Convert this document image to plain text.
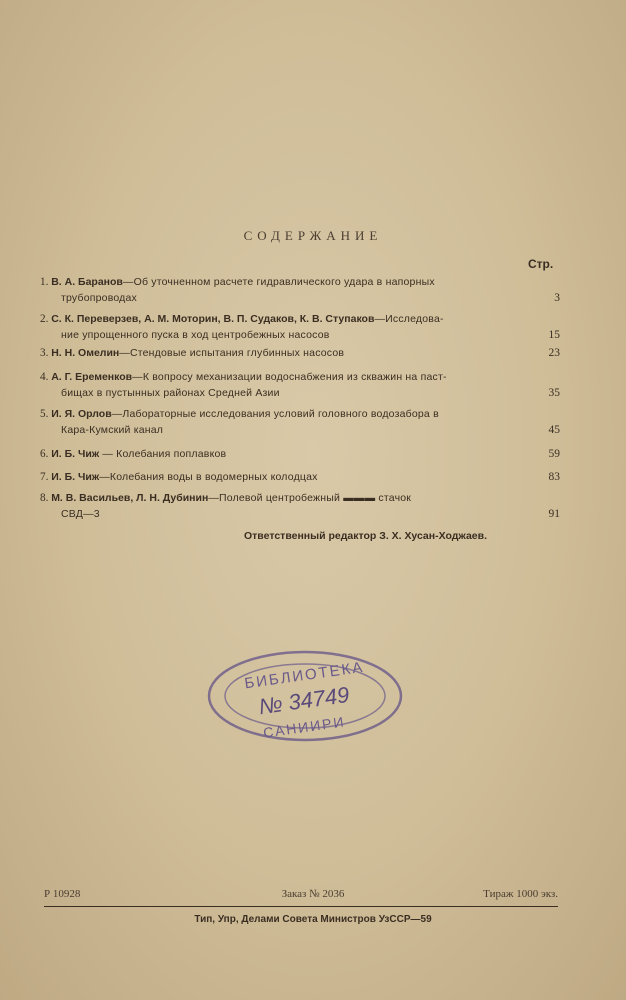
СОДЕРЖАНИЕ
Стр.
1. В. А. Баранов—Об уточненном расчете гидравлического удара в напорных
трубопроводах	3
2. С. К. Переверзев, А. М. Моторин, В. П. Судаков, К. В. Ступаков—Исследова-
ние упрощенного пуска в ход центробежных насосов	15
3. Н. Н. Омелин—Стендовые испытания глубинных насосов	23
4. А. Г. Еременков—К вопросу механизации водоснабжения из скважин на паст-
бищах в пустынных районах Средней Азии	35
5. И. Я. Орлов—Лабораторные исследования условий головного водозабора в
Кара-Кумский канал	45
6. И. Б. Чиж — Колебания поплавков	59
7. И. Б. Чиж—Колебания воды в водомерных колодцах	83
8. М. В. Васильев, Л. Н. Дубинин—Полевой центробежный ▬▬▬ стачок
СВД—3	91
Ответственный редактор З. Х. Хусан-Ходжаев.
БИБЛИОТЕКА
№ 34749
САНИИРИ
Р 10928	Заказ № 2036	Тираж 1000 экз.
Тип, Упр, Делами Совета Министров УзССР—59
